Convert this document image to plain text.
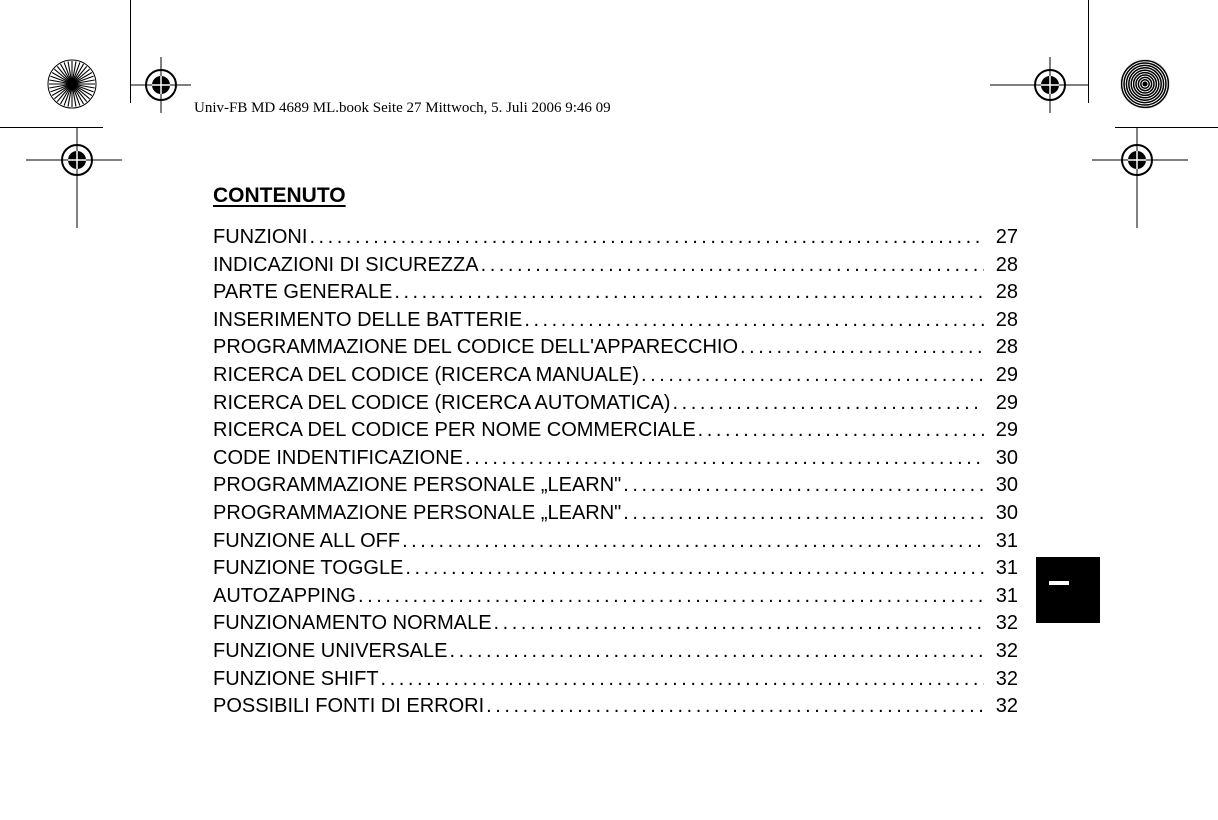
Univ-FB MD 4689 ML.book Seite 27 Mittwoch, 5. Juli 2006 9:46 09

CONTENUTO
FUNZIONI . . .	27
INDICAZIONI DI SICUREZZA . . .	28
PARTE GENERALE . . .	28
INSERIMENTO DELLE BATTERIE . . .	28
PROGRAMMAZIONE DEL CODICE DELL'APPARECCHIO . . .	28
RICERCA DEL CODICE (RICERCA MANUALE) . . .	29
RICERCA DEL CODICE (RICERCA AUTOMATICA) . . .	29
RICERCA DEL CODICE PER NOME COMMERCIALE . . .	29
CODE INDENTIFICAZIONE . . .	30
PROGRAMMAZIONE PERSONALE „LEARN" . . .	30
PROGRAMMAZIONE PERSONALE „LEARN" . . .	30
FUNZIONE ALL OFF . . .	31
FUNZIONE TOGGLE . . .	31
AUTOZAPPING . . .	31
FUNZIONAMENTO NORMALE . . .	32
FUNZIONE UNIVERSALE . . .	32
FUNZIONE SHIFT . . .	32
POSSIBILI FONTI DI ERRORI . . .	32
